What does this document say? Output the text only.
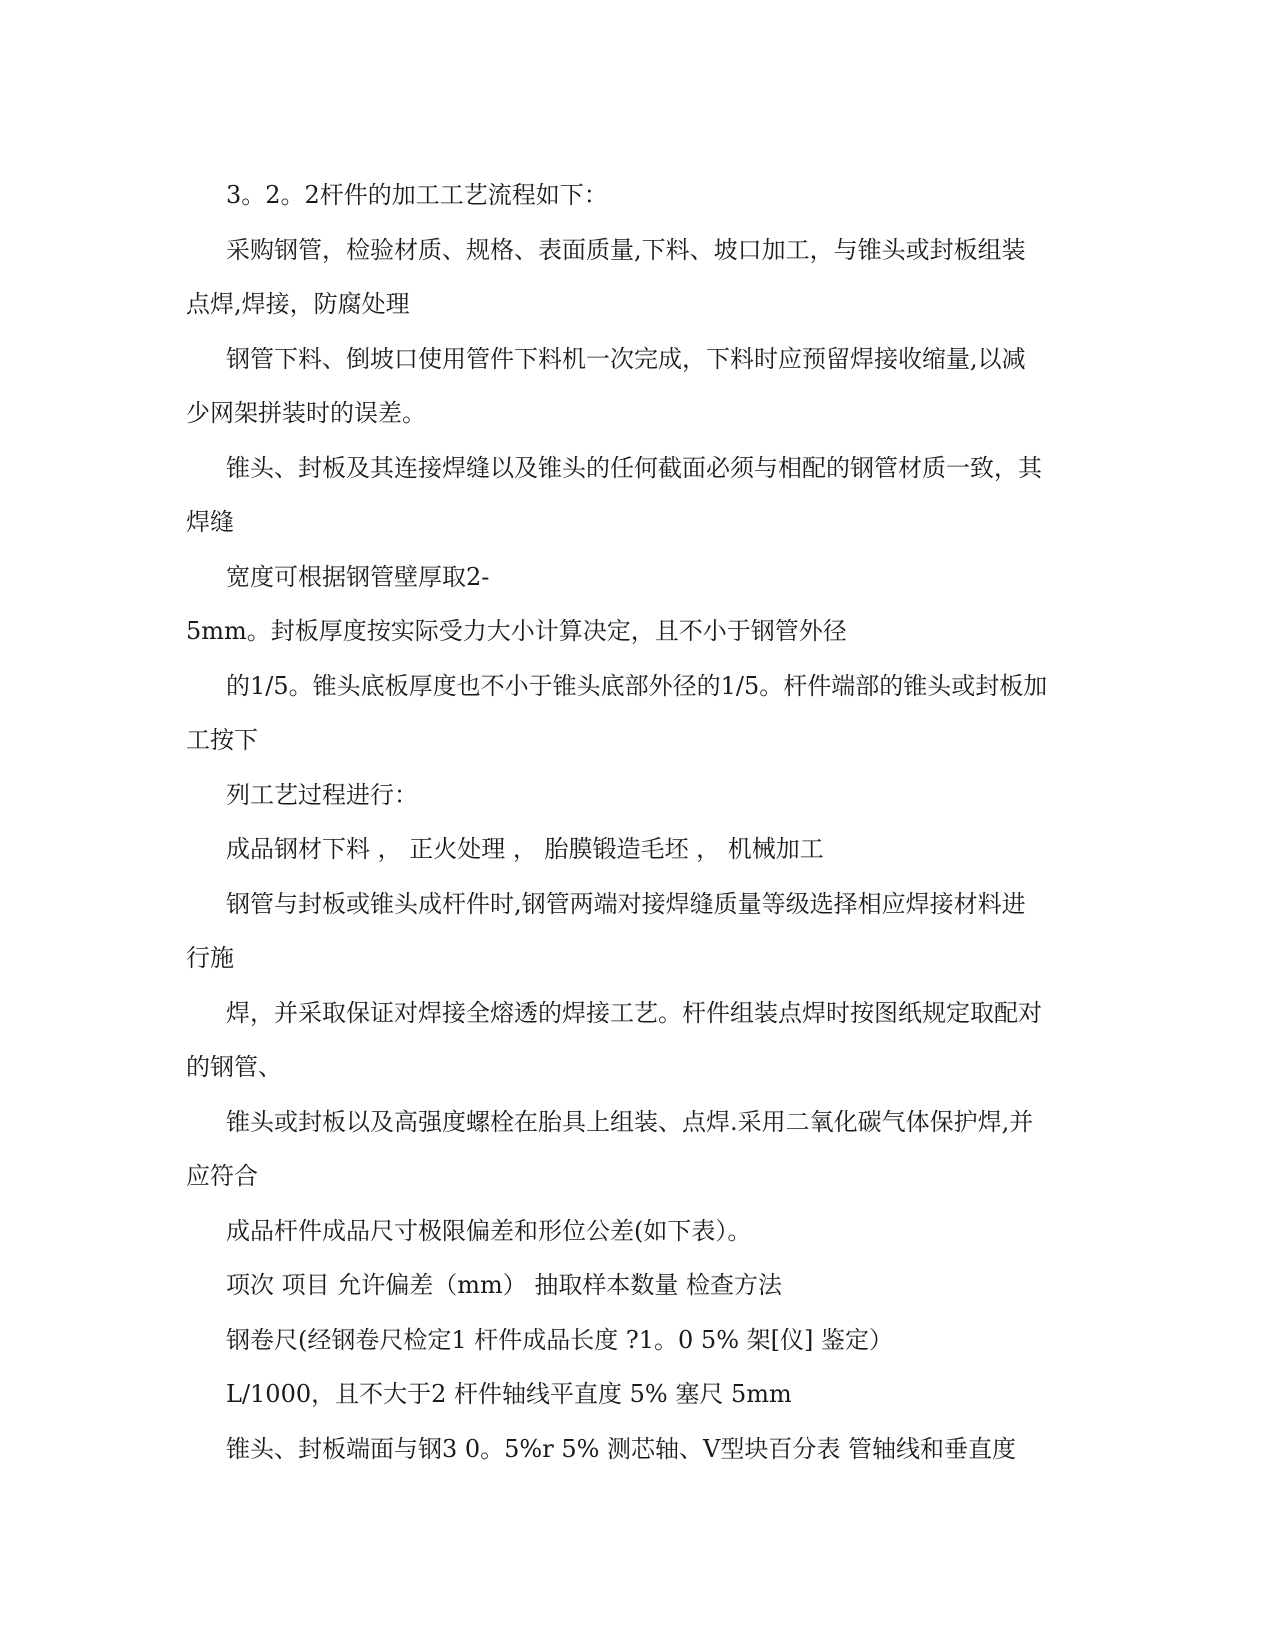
3。2。2杆件的加工工艺流程如下：
采购钢管，检验材质、规格、表面质量,下料、坡口加工，与锥头或封板组装
点焊,焊接，防腐处理
钢管下料、倒坡口使用管件下料机一次完成，下料时应预留焊接收缩量,以减
少网架拼装时的误差。
锥头、封板及其连接焊缝以及锥头的任何截面必须与相配的钢管材质一致，其
焊缝
宽度可根据钢管壁厚取2-
5mm。封板厚度按实际受力大小计算决定，且不小于钢管外径
的1/5。锥头底板厚度也不小于锥头底部外径的1/5。杆件端部的锥头或封板加
工按下
列工艺过程进行：
成品钢材下料 ， 正火处理 ， 胎膜锻造毛坯 ， 机械加工
钢管与封板或锥头成杆件时,钢管两端对接焊缝质量等级选择相应焊接材料进
行施
焊，并采取保证对焊接全熔透的焊接工艺。杆件组装点焊时按图纸规定取配对
的钢管、
锥头或封板以及高强度螺栓在胎具上组装、点焊.采用二氧化碳气体保护焊,并
应符合
成品杆件成品尺寸极限偏差和形位公差(如下表）。
项次 项目 允许偏差（mm） 抽取样本数量 检查方法
钢卷尺(经钢卷尺检定1 杆件成品长度 ?1。0 5% 架[仪] 鉴定）
L/1000，且不大于2 杆件轴线平直度 5% 塞尺 5mm
锥头、封板端面与钢3 0。5%r 5% 测芯轴、V型块百分表 管轴线和垂直度
